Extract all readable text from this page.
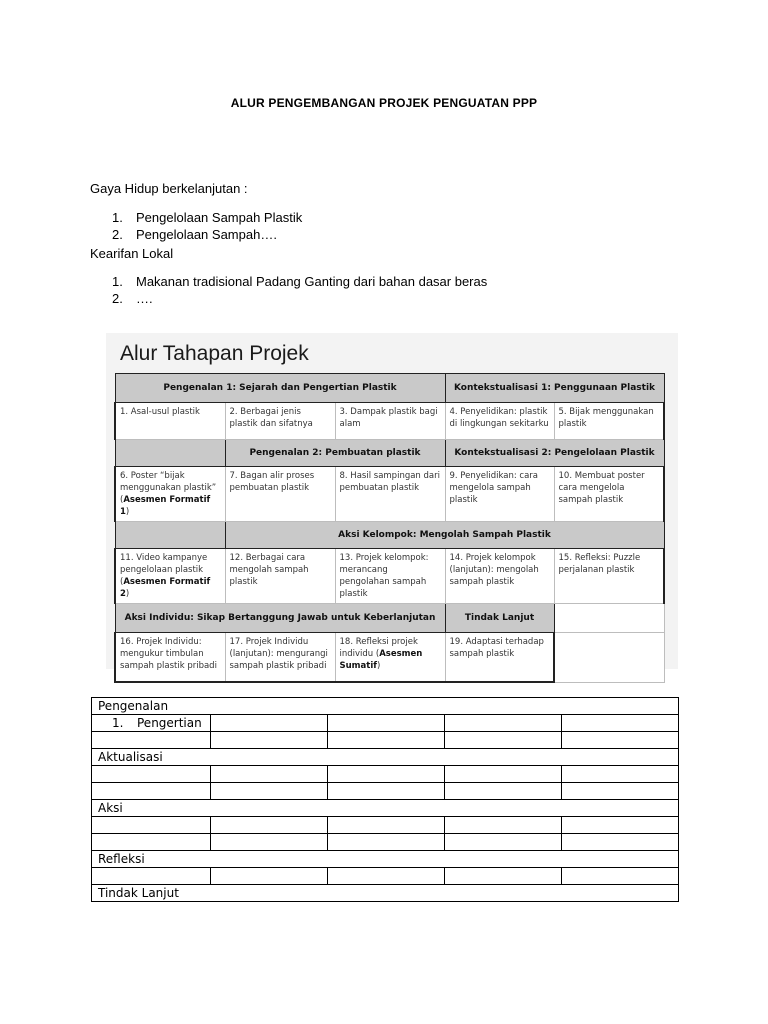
ALUR PENGEMBANGAN PROJEK PENGUATAN PPP
Gaya Hidup berkelanjutan :
1. Pengelolaan Sampah Plastik
2. Pengelolaan Sampah….
Kearifan Lokal
1. Makanan tradisional Padang Ganting dari bahan dasar beras
2. ….
Alur Tahapan Projek
Pengenalan 1: Sejarah dan Pengertian Plastik			Kontekstualisasi 1: Penggunaan Plastik	
1. Asal-usul plastik	2. Berbagai jenis plastik dan sifatnya	3. Dampak plastik bagi alam	4. Penyelidikan: plastik di lingkungan sekitarku	5. Bijak menggunakan plastik
	Pengenalan 2: Pembuatan plastik		Kontekstualisasi 2: Pengelolaan Plastik	
6. Poster “bijak menggunakan plastik” (Asesmen Formatif 1)	7. Bagan alir proses pembuatan plastik	8. Hasil sampingan dari pembuatan plastik	9. Penyelidikan: cara mengelola sampah plastik	10. Membuat poster cara mengelola sampah plastik
	Aksi Kelompok: Mengolah Sampah Plastik			
11. Video kampanye pengelolaan plastik (Asesmen Formatif 2)	12. Berbagai cara mengolah sampah plastik	13. Projek kelompok: merancang pengolahan sampah plastik	14. Projek kelompok (lanjutan): mengolah sampah plastik	15. Refleksi: Puzzle perjalanan plastik
Aksi Individu: Sikap Bertanggung Jawab untuk Keberlanjutan			Tindak Lanjut	
16. Projek Individu: mengukur timbulan sampah plastik pribadi	17. Projek Individu (lanjutan): mengurangi sampah plastik pribadi	18. Refleksi projek individu (Asesmen Sumatif)	19. Adaptasi terhadap sampah plastik	
Pengenalan				
1. Pengertian				

Aktualisasi				

Aksi				

Refleksi				

Tindak Lanjut				
